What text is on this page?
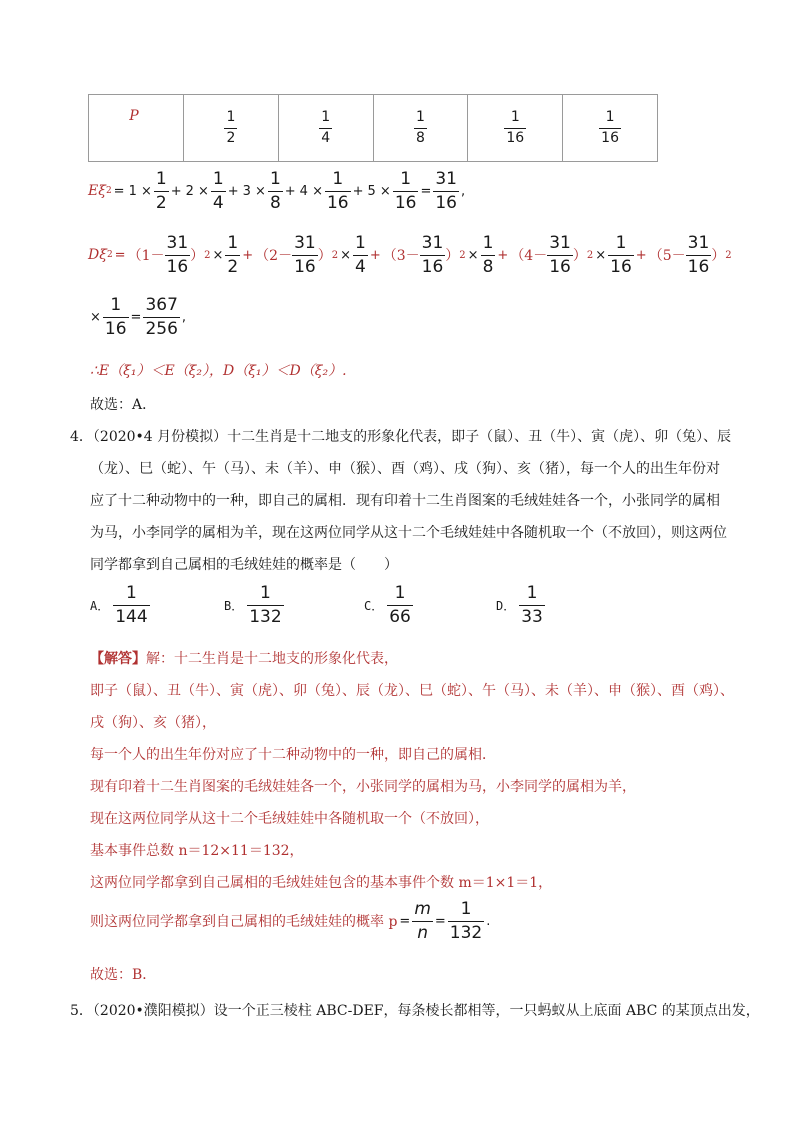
P	$\frac{1}{2}$	$\frac{1}{4}$	$\frac{1}{8}$	$\frac{1}{16}$	$\frac{1}{16}$
Eξ $2 = 1 \times \frac{1}{2} + 2 \times \frac{1}{4} + 3 \times \frac{1}{8} + 4 \times \frac{1}{16} + 5 \times \frac{1}{16} = \frac{31}{16}$ ,
Dξ $2 = (1- \frac{31}{16}$ ） $2 \times \frac{1}{2} + (2- \frac{31}{16}$ ） $2 \times \frac{1}{4} + (3- \frac{31}{16}$ ） $2 \times \frac{1}{8} + (4- \frac{31}{16}$ ） $2 \times \frac{1}{16} + (5- \frac{31}{16}$ ） 2
× $\frac{1}{16} = \frac{367}{256}$ ,
∴E（ξ₁）＜E（ξ₂），D（ξ₁）＜D（ξ₂）.
故选：A．
4．（2020•4 月份模拟）十二生肖是十二地支的形象化代表，即子（鼠）、丑（牛）、寅（虎）、卯（兔）、辰
（龙）、巳（蛇）、午（马）、未（羊）、申（猴）、酉（鸡）、戌（狗）、亥（猪），每一个人的出生年份对
应了十二种动物中的一种，即自己的属相．现有印着十二生肖图案的毛绒娃娃各一个，小张同学的属相
为马，小李同学的属相为羊，现在这两位同学从这十二个毛绒娃娃中各随机取一个（不放回），则这两位
同学都拿到自己属相的毛绒娃娃的概率是（　　）
A． $\frac{1}{144}$	B． $\frac{1}{132}$	C． $\frac{1}{66}$	D． $\frac{1}{33}$
【解答】解：十二生肖是十二地支的形象化代表，
即子（鼠）、丑（牛）、寅（虎）、卯（兔）、辰（龙）、巳（蛇）、午（马）、未（羊）、申（猴）、酉（鸡）、
戌（狗）、亥（猪），
每一个人的出生年份对应了十二种动物中的一种，即自己的属相．
现有印着十二生肖图案的毛绒娃娃各一个，小张同学的属相为马，小李同学的属相为羊，
现在这两位同学从这十二个毛绒娃娃中各随机取一个（不放回），
基本事件总数 n＝12×11＝132，
这两位同学都拿到自己属相的毛绒娃娃包含的基本事件个数 m＝1×1＝1，
则这两位同学都拿到自己属相的毛绒娃娃的概率 $p = \frac{m}{n} = \frac{1}{132}$ .
故选：B．
5．（2020•濮阳模拟）设一个正三棱柱 ABC-DEF，每条棱长都相等，一只蚂蚁从上底面 ABC 的某顶点出发，
